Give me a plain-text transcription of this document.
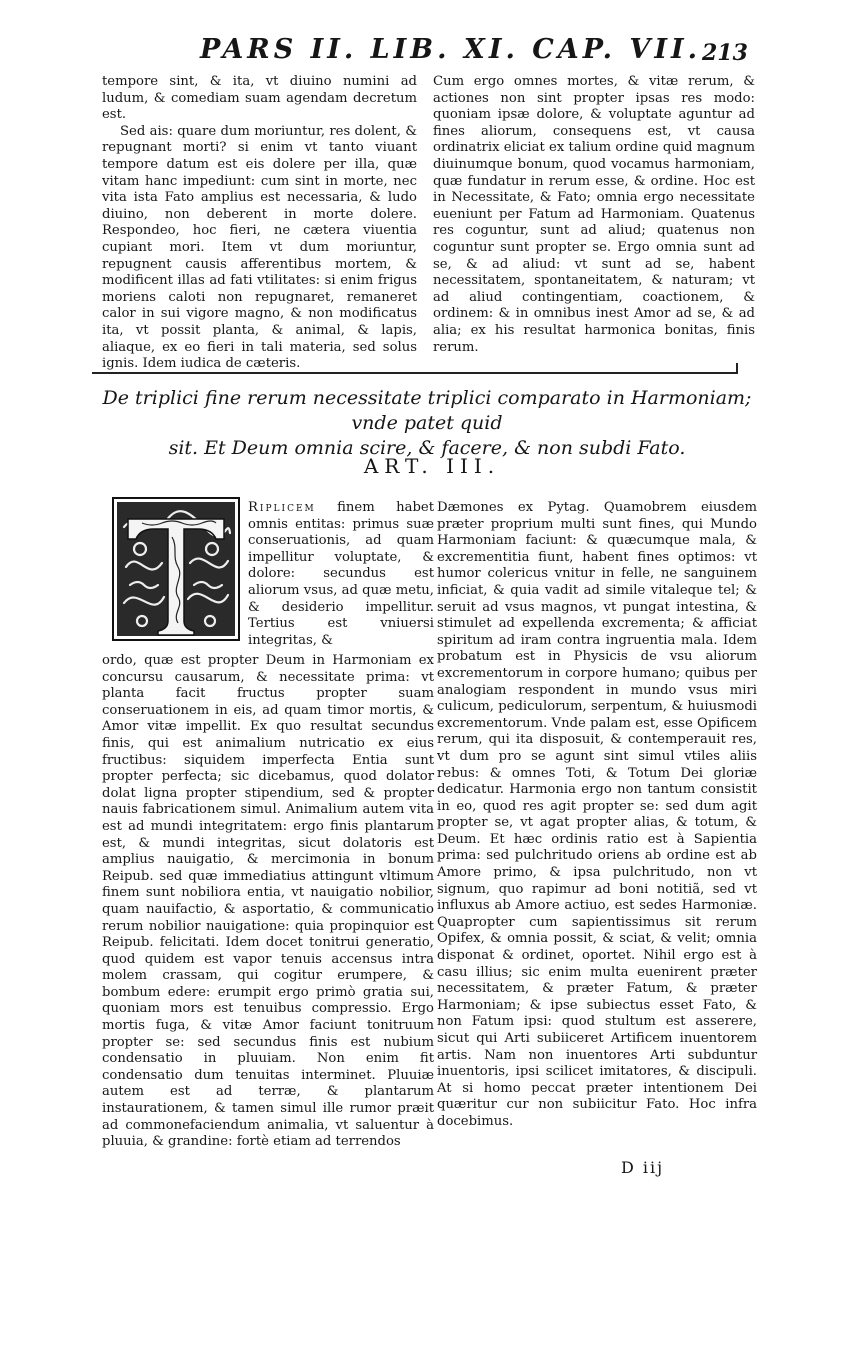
PARS II. LIB. XI. CAP. VII. 213

tempore sint, & ita, vt diuino numini ad ludum, & comediam suam agendam decretum est.

Sed ais: quare dum moriuntur, res dolent, & repugnant morti? si enim vt tanto viuant tempore datum est eis dolere per illa, quæ vitam hanc impediunt: cum sint in morte, nec vita ista Fato amplius est necessaria, & ludo diuino, non deberent in morte dolere. Respondeo, hoc fieri, ne cætera viuentia cupiant mori. Item vt dum moriuntur, repugnent causis afferentibus mortem, & modificent illas ad fati vtilitates: si enim frigus moriens caloti non repugnaret, remaneret calor in sui vigore magno, & non modificatus ita, vt possit planta, & animal, & lapis, aliaque, ex eo fieri in tali materia, sed solus ignis. Idem iudica de cæteris.

Cum ergo omnes mortes, & vitæ rerum, & actiones non sint propter ipsas res modo: quoniam ipsæ dolore, & voluptate aguntur ad fines aliorum, consequens est, vt causa ordinatrix eliciat ex talium ordine quid magnum diuinumque bonum, quod vocamus harmoniam, quæ fundatur in rerum esse, & ordine. Hoc est in Necessitate, & Fato; omnia ergo necessitate eueniunt per Fatum ad Harmoniam. Quatenus res coguntur, sunt ad aliud; quatenus non coguntur sunt propter se. Ergo omnia sunt ad se, & ad aliud: vt sunt ad se, habent necessitatem, spontaneitatem, & naturam; vt ad aliud contingentiam, coactionem, & ordinem: & in omnibus inest Amor ad se, & ad alia; ex his resultat harmonica bonitas, finis rerum.

De triplici fine rerum necessitate triplici comparato in Harmoniam; vnde patet quid
sit. Et Deum omnia scire, & facere, & non subdi Fato.
ART. III.
Riplicem finem habet omnis entitas: primus suæ conseruationis, ad quam impellitur voluptate, & dolore: secundus est aliorum vsus, ad quæ metu, & desiderio impellitur. Tertius est vniuersi integritas, &

ordo, quæ est propter Deum in Harmoniam ex concursu causarum, & necessitate prima: vt planta facit fructus propter suam conseruationem in eis, ad quam timor mortis, & Amor vitæ impellit. Ex quo resultat secundus finis, qui est animalium nutricatio ex eius fructibus: siquidem imperfecta Entia sunt propter perfecta; sic dicebamus, quod dolator dolat ligna propter stipendium, sed & propter nauis fabricationem simul. Animalium autem vita est ad mundi integritatem: ergo finis plantarum est, & mundi integritas, sicut dolatoris est amplius nauigatio, & mercimonia in bonum Reipub. sed quæ immediatius attingunt vltimum finem sunt nobiliora entia, vt nauigatio nobilior, quam nauifactio, & asportatio, & communicatio rerum nobilior nauigatione: quia propinquior est Reipub. felicitati. Idem docet tonitrui generatio, quod quidem est vapor tenuis accensus intra molem crassam, qui cogitur erumpere, & bombum edere: erumpit ergo primò gratia sui, quoniam mors est tenuibus compressio. Ergo mortis fuga, & vitæ Amor faciunt tonitruum propter se: sed secundus finis est nubium condensatio in pluuiam. Non enim fit condensatio dum tenuitas interminet. Pluuiæ autem est ad terræ, & plantarum instaurationem, & tamen simul ille rumor præit ad commonefaciendum animalia, vt saluentur à pluuia, & grandine: fortè etiam ad terrendos

Dæmones ex Pytag. Quamobrem eiusdem præter proprium multi sunt fines, qui Mundo Harmoniam faciunt: & quæcumque mala, & excrementitia fiunt, habent fines optimos: vt humor colericus vnitur in felle, ne sanguinem inficiat, & quia vadit ad simile vitaleque tel; & seruit ad vsus magnos, vt pungat intestina, & stimulet ad expellenda excrementa; & afficiat spiritum ad iram contra ingruentia mala. Idem probatum est in Physicis de vsu aliorum excrementorum in corpore humano; quibus per analogiam respondent in mundo vsus miri culicum, pediculorum, serpentum, & huiusmodi excrementorum. Vnde palam est, esse Opificem rerum, qui ita disposuit, & contemperauit res, vt dum pro se agunt sint simul vtiles aliis rebus: & omnes Toti, & Totum Dei gloriæ dedicatur. Harmonia ergo non tantum consistit in eo, quod res agit propter se: sed dum agit propter se, vt agat propter alias, & totum, & Deum. Et hæc ordinis ratio est à Sapientia prima: sed pulchritudo oriens ab ordine est ab Amore primo, & ipsa pulchritudo, non vt signum, quo rapimur ad boni notitiã, sed vt influxus ab Amore actiuo, est sedes Harmoniæ. Quapropter cum sapientissimus sit rerum Opifex, & omnia possit, & sciat, & velit; omnia disponat & ordinet, oportet. Nihil ergo est à casu illius; sic enim multa euenirent præter necessitatem, & præter Fatum, & præter Harmoniam; & ipse subiectus esset Fato, & non Fatum ipsi: quod stultum est asserere, sicut qui Arti subiiceret Artificem inuentorem artis. Nam non inuentores Arti subduntur inuentoris, ipsi scilicet imitatores, & discipuli. At si homo peccat præter intentionem Dei quæritur cur non subiicitur Fato. Hoc infra docebimus.

D iij
